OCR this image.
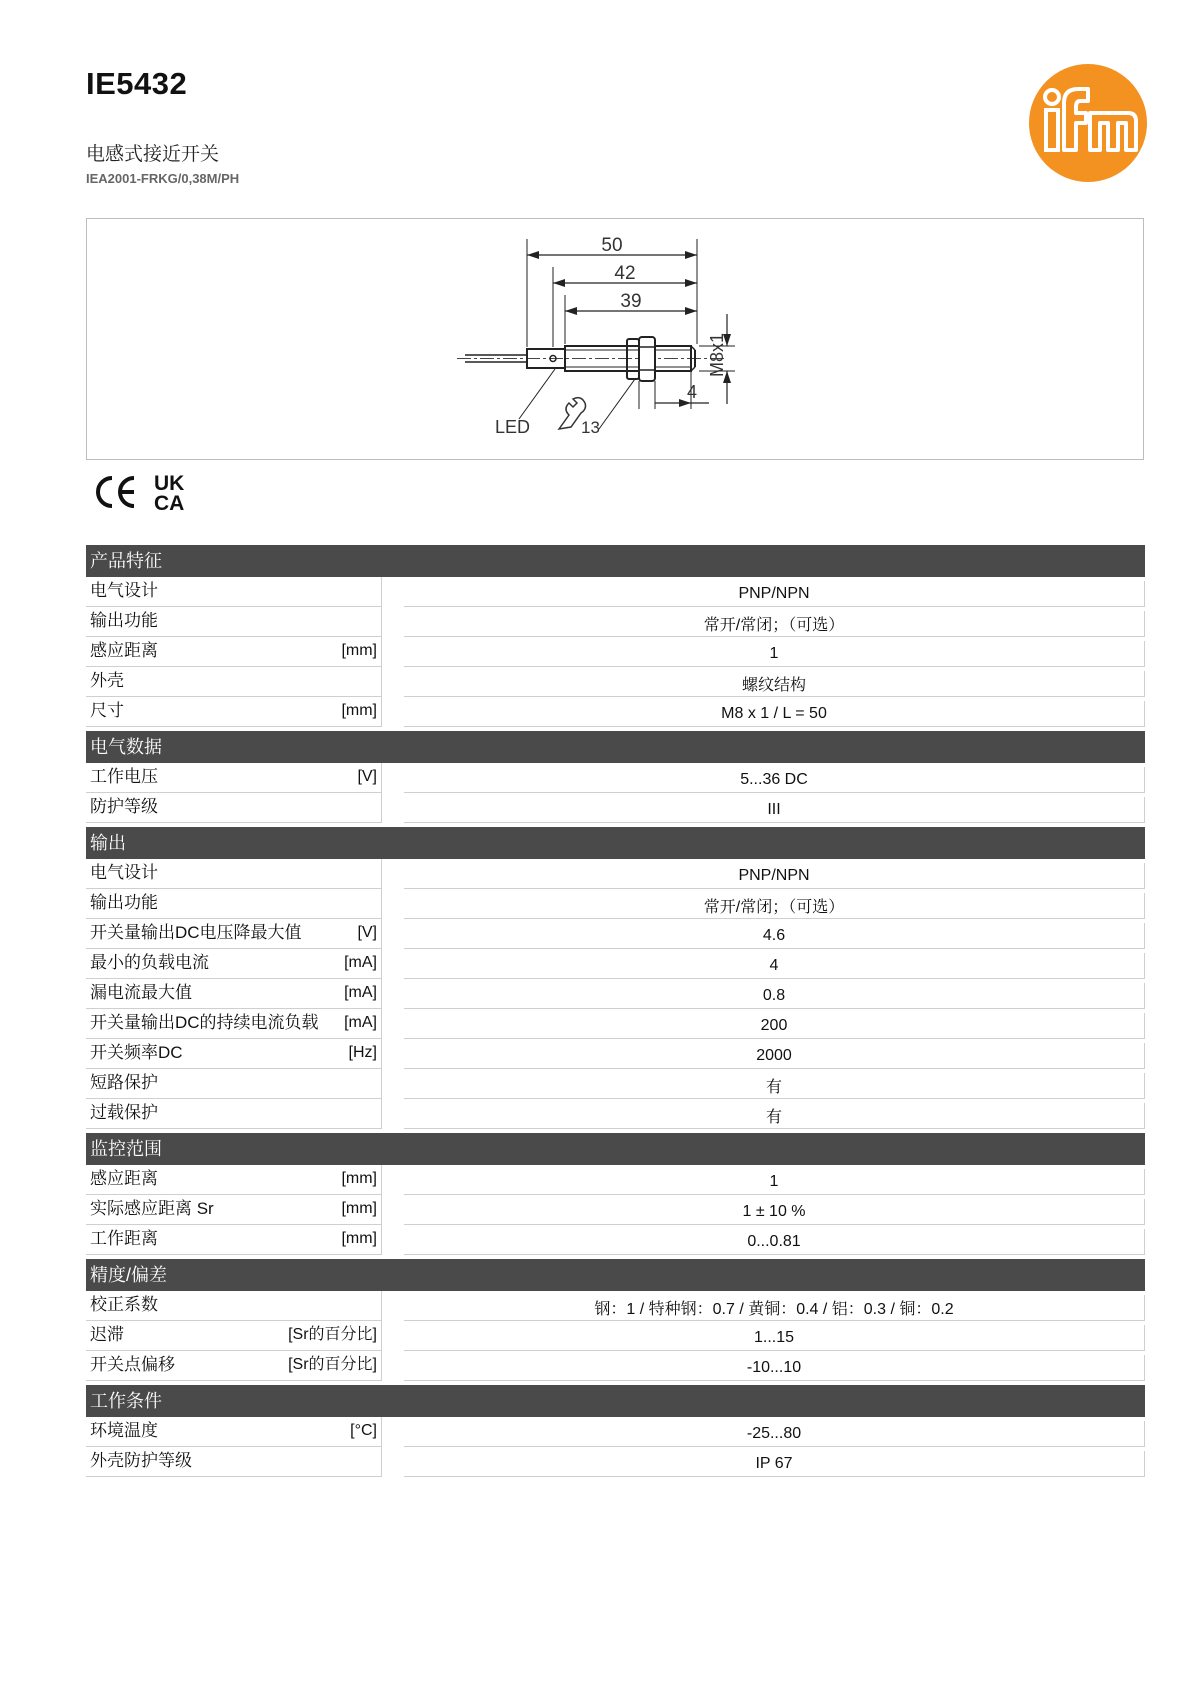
IE5432
电感式接近开关
IEA2001-FRKG/0,38M/PH
50
42
39
M8x1
4
13
LED
UK
CA
产品特征
电气设计	PNP/NPN
输出功能	常开/常闭；（可选）
感应距离	[mm]	1
外壳	螺纹结构
尺寸	[mm]	M8 x 1 / L = 50
电气数据
工作电压	[V]	5...36 DC
防护等级	III
输出
电气设计	PNP/NPN
输出功能	常开/常闭；（可选）
开关量输出DC电压降最大值	[V]	4.6
最小的负载电流	[mA]	4
漏电流最大值	[mA]	0.8
开关量输出DC的持续电流负载	[mA]	200
开关频率DC	[Hz]	2000
短路保护	有
过载保护	有
监控范围
感应距离	[mm]	1
实际感应距离 Sr	[mm]	1 ± 10 %
工作距离	[mm]	0...0.81
精度/偏差
校正系数	钢：1 / 特种钢：0.7 / 黄铜：0.4 / 铝：0.3 / 铜：0.2
迟滞	[Sr的百分比]	1...15
开关点偏移	[Sr的百分比]	-10...10
工作条件
环境温度	[°C]	-25...80
外壳防护等级	IP 67
